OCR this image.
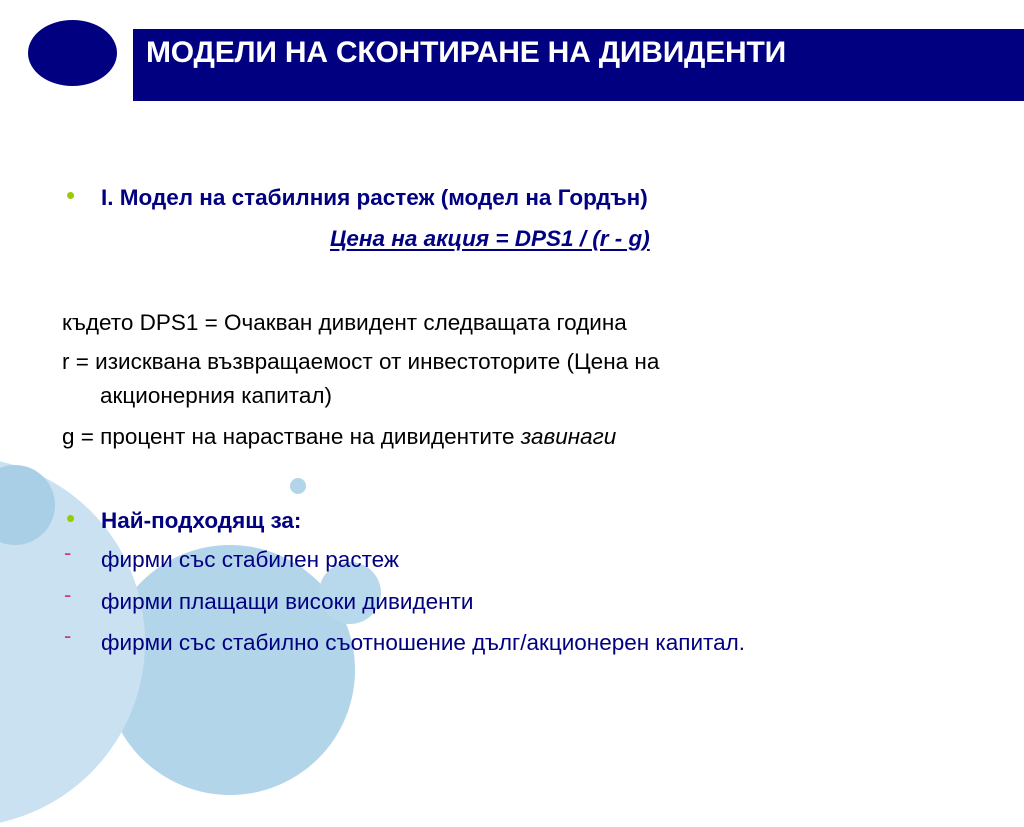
МОДЕЛИ НА СКОНТИРАНЕ НА ДИВИДЕНТИ
• I. Модел на стабилния растеж (модел на Гордън)
Цена на акция = DPS1 / (r - g)
където DPS1 = Очакван дивидент следващата година
r = изисквана възвращаемост от инвестоторите (Цена на
акционерния капитал)
g = процент на нарастване на дивидентите завинаги
• Най-подходящ за:
- фирми със стабилен растеж
- фирми плащащи високи дивиденти
- фирми със стабилно съотношение дълг/акционерен капитал.
